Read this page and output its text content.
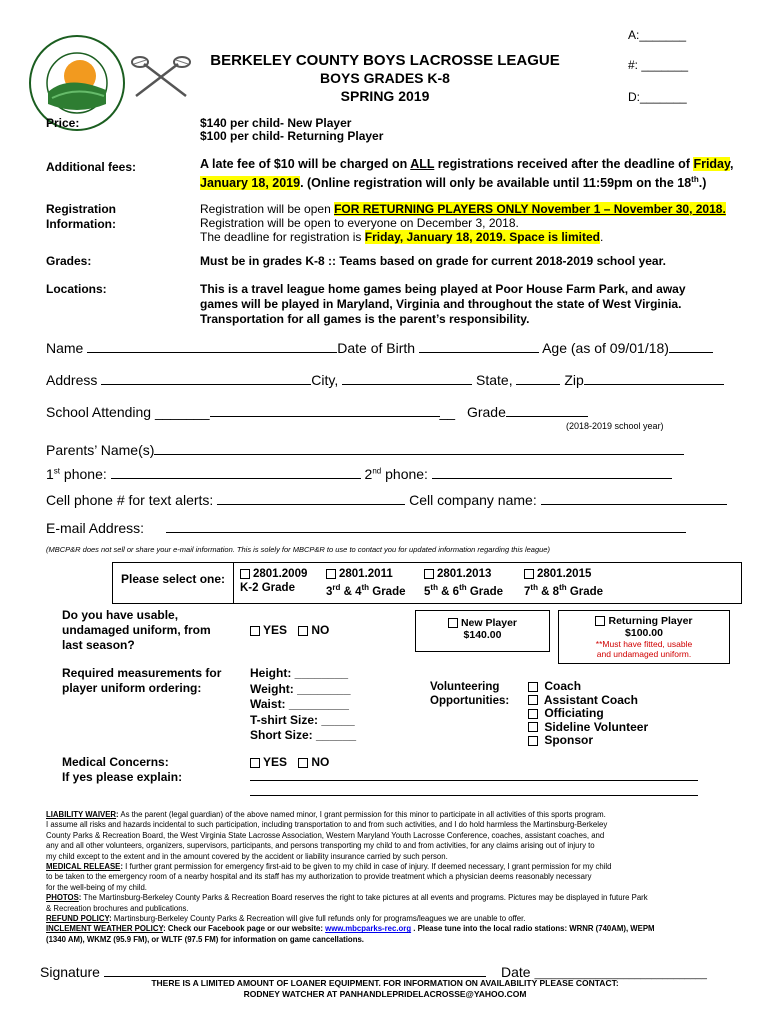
A:_______
#: _______
D:_______
BERKELEY COUNTY BOYS LACROSSE LEAGUE
BOYS GRADES K-8
SPRING 2019
Price:	$140 per child- New Player
$100 per child- Returning Player
Additional fees:	A late fee of $10 will be charged on ALL registrations received after the deadline of Friday, January 18, 2019. (Online registration will only be available until 11:59pm on the 18th.)
Registration
Information:
Registration will be open FOR RETURNING PLAYERS ONLY November 1 – November 30, 2018.
Registration will be open to everyone on December 3, 2018.
The deadline for registration is Friday, January 18, 2019. Space is limited.
Grades:	Must be in grades K-8 :: Teams based on grade for current 2018-2019 school year.
Locations:	This is a travel league home games being played at Poor House Farm Park, and away
games will be played in Maryland, Virginia and throughout the state of West Virginia.
Transportation for all games is the parent’s responsibility.
Name	Date of Birth	Age (as of 09/01/18)
Address	City,	State,	Zip
School Attending _______	__ Grade
(2018-2019 school year)
Parents’ Name(s)
1st phone:	2nd phone:
Cell phone # for text alerts:	Cell company name:
E-mail Address:
(MBCP&R does not sell or share your e-mail information. This is solely for MBCP&R to use to contact you for updated information regarding this league)
Please select one:	2801.2009
K-2 Grade
2801.2011
3rd & 4th Grade
2801.2013
5th & 6th Grade
2801.2015
7th & 8th Grade
Do you have usable,
undamaged uniform, from
last season?
YES NO	New Player
$140.00
Returning Player
$100.00
**Must have fitted, usable
and undamaged uniform.
Required measurements for
player uniform ordering:
Height: ________
Weight: ________
Waist: _________
T-shirt Size: _____
Short Size: ______
Volunteering
Opportunities:
Coach
Assistant Coach
Officiating
Sideline Volunteer
Sponsor
Medical Concerns:
If yes please explain:
YES NO
LIABILITY WAIVER: As the parent (legal guardian) of the above named minor, I grant permission for this minor to participate in all activities of this sports program.
I assume all risks and hazards incidental to such participation, including transportation to and from such activities, and I do hold harmless the Martinsburg-Berkeley
County Parks & Recreation Board, the West Virginia State Lacrosse Association, Western Maryland Youth Lacrosse Conference, coaches, assistant coaches, and
any and all other volunteers, organizers, supervisors, participants, and persons transporting my child to and from activities, for any claims arising out of injury to
my child except to the extent and in the amount covered by the accident or liability insurance carried by such person.
MEDICAL RELEASE: I further grant permission for emergency first-aid to be given to my child in case of injury. If deemed necessary, I grant permission for my child
to be taken to the emergency room of a nearby hospital and its staff has my authorization to provide treatment which a physician deems reasonably necessary
for the well-being of my child.
PHOTOS: The Martinsburg-Berkeley County Parks & Recreation Board reserves the right to take pictures at all events and programs. Pictures may be displayed in future Park
& Recreation brochures and publications.
REFUND POLICY: Martinsburg-Berkeley County Parks & Recreation will give full refunds only for programs/leagues we are unable to offer.
INCLEMENT WEATHER POLICY: Check our Facebook page or our website: www.mbcparks-rec.org . Please tune into the local radio stations: WRNR (740AM), WEPM
(1340 AM), WKMZ (95.9 FM), or WLTF (97.5 FM) for information on game cancellations.
Signature	Date _______________________________
THERE IS A LIMITED AMOUNT OF LOANER EQUIPMENT. FOR INFORMATION ON AVAILABILITY PLEASE CONTACT:
RODNEY WATCHER AT PANHANDLEPRIDELACROSSE@YAHOO.COM
